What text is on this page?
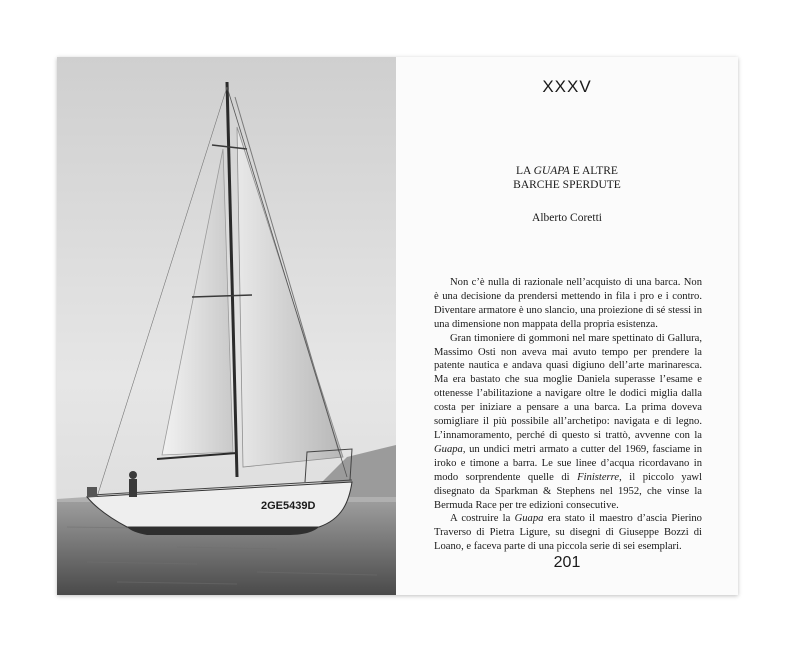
2GE5439D
XXXV
LA GUAPA E ALTRE
BARCHE SPERDUTE
Alberto Coretti

Non c’è nulla di razionale nell’acquisto di una barca. Non è una decisione da prendersi mettendo in fila i pro e i contro. Diventare armatore è uno slancio, una proiezione di sé stessi in una dimensione non mappata della propria esistenza.

Gran timoniere di gommoni nel mare spettinato di Gallura, Massimo Osti non aveva mai avuto tempo per prendere la patente nautica e andava quasi digiuno dell’arte marinaresca. Ma era bastato che sua moglie Daniela superasse l’esame e ottenesse l’abilitazione a navigare oltre le dodici miglia dalla costa per iniziare a pensare a una barca. La prima doveva somigliare il più possibile all’archetipo: navigata e di legno. L’innamoramento, perché di questo si trattò, avvenne con la Guapa, un undici metri armato a cutter del 1969, fasciame in iroko e timone a barra. Le sue linee d’acqua ricordavano in modo sorprendente quelle di Finisterre, il piccolo yawl disegnato da Sparkman & Stephens nel 1952, che vinse la Bermuda Race per tre edizioni consecutive.

A costruire la Guapa era stato il maestro d’ascia Pierino Traverso di Pietra Ligure, su disegni di Giuseppe Bozzi di Loano, e faceva parte di una piccola serie di sei esemplari.

201
